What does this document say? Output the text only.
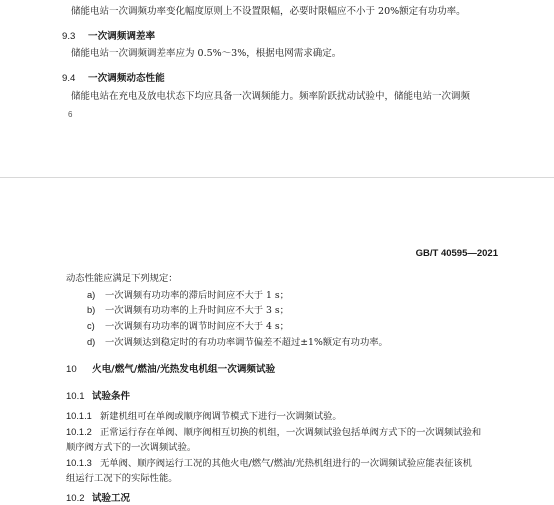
储能电站一次调频功率变化幅度原则上不设置限幅，必要时限幅应不小于 20%额定有功功率。
9.3 一次调频调差率
储能电站一次调频调差率应为 0.5%～3%，根据电网需求确定。
9.4 一次调频动态性能
储能电站在充电及放电状态下均应具备一次调频能力。频率阶跃扰动试验中，储能电站一次调频
6
GB/T 40595—2021
动态性能应满足下列规定：
a) 一次调频有功功率的滞后时间应不大于 1 s；
b) 一次调频有功功率的上升时间应不大于 3 s；
c) 一次调频有功功率的调节时间应不大于 4 s；
d) 一次调频达到稳定时的有功功率调节偏差不超过±1%额定有功功率。
10 火电/燃气/燃油/光热发电机组一次调频试验
10.1 试验条件
10.1.1 新建机组可在单阀或顺序阀调节模式下进行一次调频试验。
10.1.2 正常运行存在单阀、顺序阀相互切换的机组，一次调频试验包括单阀方式下的一次调频试验和
顺序阀方式下的一次调频试验。
10.1.3 无单阀、顺序阀运行工况的其他火电/燃气/燃油/光热机组进行的一次调频试验应能表征该机
组运行工况下的实际性能。
10.2 试验工况
